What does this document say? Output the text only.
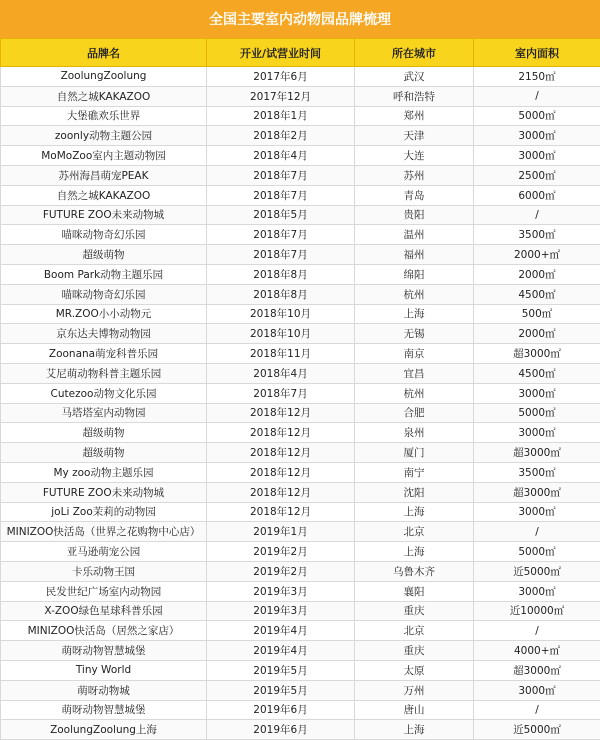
全国主要室内动物园品牌梳理
品牌名	开业/试营业时间	所在城市	室内面积
ZoolungZoolung	2017年6月	武汉	2150㎡
自然之城KAKAZOO	2017年12月	呼和浩特	/
大堡礁欢乐世界	2018年1月	郑州	5000㎡
zoonly动物主题公园	2018年2月	天津	3000㎡
MoMoZoo室内主题动物园	2018年4月	大连	3000㎡
苏州海昌萌宠PEAK	2018年7月	苏州	2500㎡
自然之城KAKAZOO	2018年7月	青岛	6000㎡
FUTURE ZOO未来动物城	2018年5月	贵阳	/
喵咪动物奇幻乐园	2018年7月	温州	3500㎡
超级萌物	2018年7月	福州	2000+㎡
Boom Park动物主题乐园	2018年8月	绵阳	2000㎡
喵咪动物奇幻乐园	2018年8月	杭州	4500㎡
MR.ZOO小小动物元	2018年10月	上海	500㎡
京东达夫博物动物园	2018年10月	无锡	2000㎡
Zoonana萌宠科普乐园	2018年11月	南京	超3000㎡
艾尼萌动物科普主题乐园	2018年4月	宜昌	4500㎡
Cutezoo动物文化乐园	2018年7月	杭州	3000㎡
马塔塔室内动物园	2018年12月	合肥	5000㎡
超级萌物	2018年12月	泉州	3000㎡
超级萌物	2018年12月	厦门	超3000㎡
My zoo动物主题乐园	2018年12月	南宁	3500㎡
FUTURE ZOO未来动物城	2018年12月	沈阳	超3000㎡
joLi Zoo茉莉的动物园	2018年12月	上海	3000㎡
MINIZOO快活岛（世界之花购物中心店）	2019年1月	北京	/
亚马逊萌宠公园	2019年2月	上海	5000㎡
卡乐动物王国	2019年2月	乌鲁木齐	近5000㎡
民发世纪广场室内动物园	2019年3月	襄阳	3000㎡
X-ZOO绿色星球科普乐园	2019年3月	重庆	近10000㎡
MINIZOO快活岛（居然之家店）	2019年4月	北京	/
萌呀动物智慧城堡	2019年4月	重庆	4000+㎡
Tiny World	2019年5月	太原	超3000㎡
萌呀动物城	2019年5月	万州	3000㎡
萌呀动物智慧城堡	2019年6月	唐山	/
ZoolungZoolung上海	2019年6月	上海	近5000㎡
